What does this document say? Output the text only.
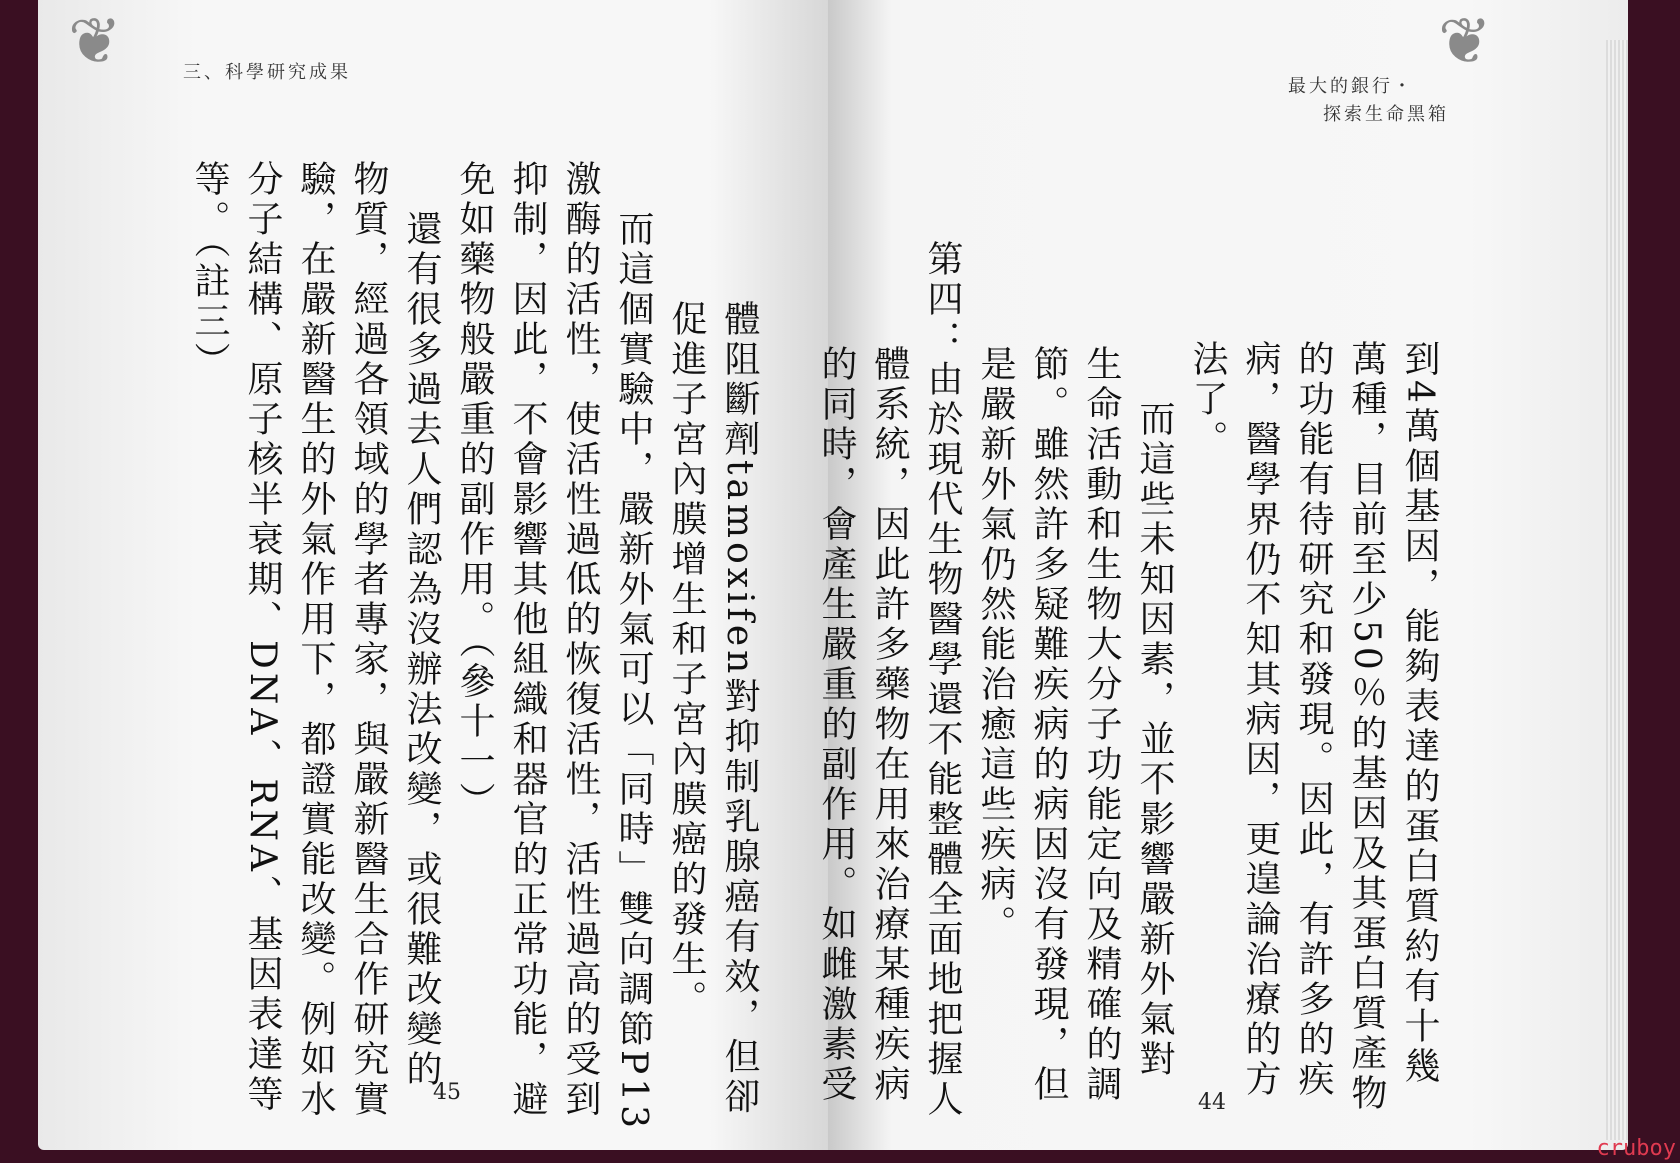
❦	三、科學研究成果
體阻斷劑tamoxifen對抑制乳腺癌有效，但卻
促進子宮內膜增生和子宮內膜癌的發生。
而這個實驗中，嚴新外氣可以「同時」雙向調節P13
激酶的活性，使活性過低的恢復活性，活性過高的受到
抑制，因此，不會影響其他組織和器官的正常功能，避
免如藥物般嚴重的副作用。（參十一）
還有很多過去人們認為沒辦法改變，或很難改變的
物質，經過各領域的學者專家，與嚴新醫生合作研究實
驗，在嚴新醫生的外氣作用下，都證實能改變。例如水
分子結構、原子核半衰期、DNA、RNA、基因表達等
等。（註三）
45
❦
最大的銀行・
探索生命黑箱
到4萬個基因，能夠表達的蛋白質約有十幾
萬種，目前至少50％的基因及其蛋白質產物
的功能有待研究和發現。因此，有許多的疾
病，醫學界仍不知其病因，更遑論治療的方
法了。
而這些未知因素，並不影響嚴新外氣對
生命活動和生物大分子功能定向及精確的調
節。雖然許多疑難疾病的病因沒有發現，但
是嚴新外氣仍然能治癒這些疾病。
第四：由於現代生物醫學還不能整體全面地把握人
體系統，因此許多藥物在用來治療某種疾病
的同時，會產生嚴重的副作用。如雌激素受	44
cruboy
